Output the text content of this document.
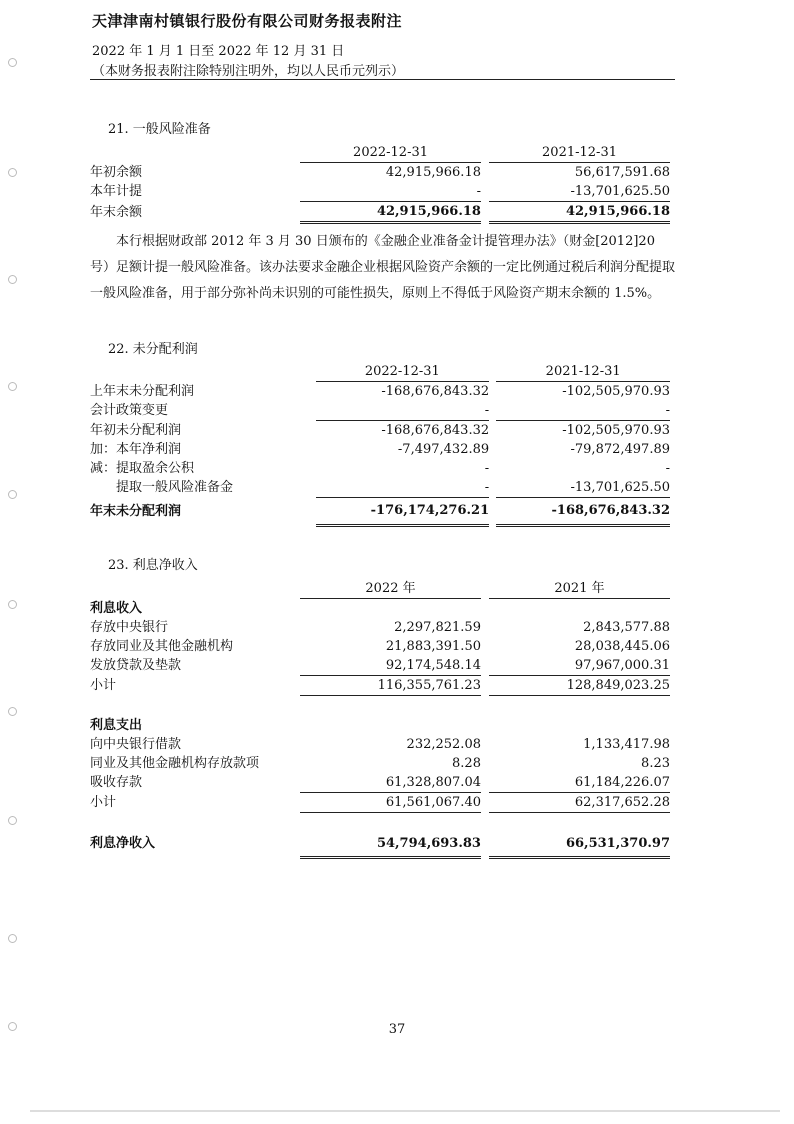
天津津南村镇银行股份有限公司财务报表附注
2022 年 1 月 1 日至 2022 年 12 月 31 日
（本财务报表附注除特别注明外，均以人民币元列示）
21. 一般风险准备

		2022-12-31		2021-12-31

年初余额		42,915,966.18		56,617,591.68
本年计提		-		-13,701,625.50
年末余额		42,915,966.18		42,915,966.18

本行根据财政部 2012 年 3 月 30 日颁布的《金融企业准备金计提管理办法》（财金[2012]20 号）足额计提一般风险准备。该办法要求金融企业根据风险资产余额的一定比例通过税后利润分配提取一般风险准备，用于部分弥补尚未识别的可能性损失，原则上不得低于风险资产期末余额的 1.5%。

22. 未分配利润

		2022-12-31		2021-12-31

上年末未分配利润		-168,676,843.32		-102,505,970.93
会计政策变更		-		-
年初未分配利润		-168,676,843.32		-102,505,970.93
加：本年净利润		-7,497,432.89		-79,872,497.89
减：提取盈余公积		-		-
提取一般风险准备金		-		-13,701,625.50
年末未分配利润		-176,174,276.21		-168,676,843.32
23. 利息净收入

		2022 年		2021 年

利息收入				
存放中央银行		2,297,821.59		2,843,577.88
存放同业及其他金融机构		21,883,391.50		28,038,445.06
发放贷款及垫款		92,174,548.14		97,967,000.31
小计		116,355,761.23		128,849,023.25

利息支出				
向中央银行借款		232,252.08		1,133,417.98
同业及其他金融机构存放款项		8.28		8.23
吸收存款		61,328,807.04		61,184,226.07
小计		61,561,067.40		62,317,652.28

利息净收入		54,794,693.83		66,531,370.97
37
